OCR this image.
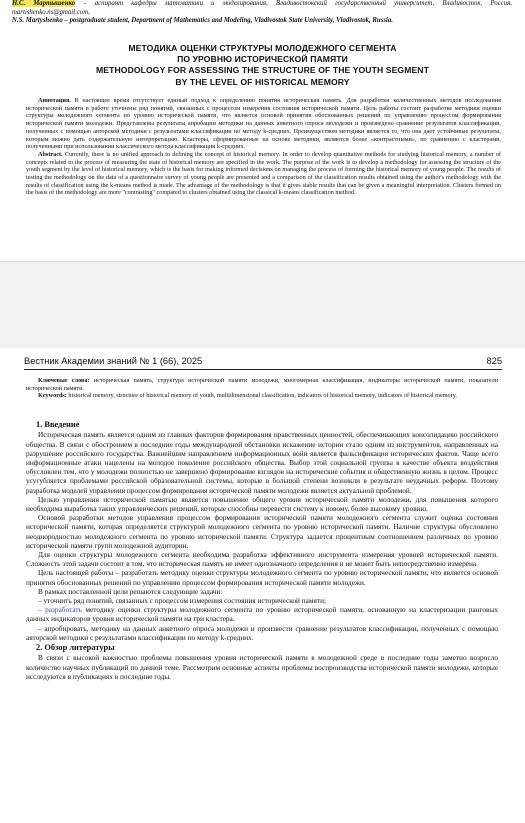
Н.С. Мартышенко – аспирант кафедры математики и моделирования, Владивостокский государственный университет, Владивосток, Россия, martishenko.ns@gmail.com,
N.S. Martyshenko – postgraduate student, Department of Mathematics and Modeling, Vladivostok State University, Vladivostok, Russia.
МЕТОДИКА ОЦЕНКИ СТРУКТУРЫ МОЛОДЕЖНОГО СЕГМЕНТА
ПО УРОВНЮ ИСТОРИЧЕСКОЙ ПАМЯТИ
METHODOLOGY FOR ASSESSING THE STRUCTURE OF THE YOUTH SEGMENT
BY THE LEVEL OF HISTORICAL MEMORY

Аннотация. В настоящее время отсутствует единый подход к определению понятия историческая память. Для разработки количественных методов исследования исторической памяти в работе уточнены ряд понятий, связанных с процессом измерения состояния исторической памяти. Цель работы состоит разработке методики оценки структуры молодежного сегмента по уровню исторической памяти, что является основой принятия обоснованных решений по управлению процессом формирования исторической памяти молодежи. Представлены результаты апробации методики на данных анкетного опроса молодежи и произведено сравнение результатов классификации, полученных с помощью авторской методики с результатами классификации по методу k-средних. Преимуществом методики является то, что она дает устойчивые результаты, которым можно дать содержательную интерпретацию. Кластеры, сформированные на основе методики, являются более «контрастными», по сравнению с кластерами, полученными при использовании классического метода классификации k-средних.

Abstract. Currently, there is no unified approach to defining the concept of historical memory. In order to develop quantitative methods for studying historical memory, a number of concepts related to the process of measuring the state of historical memory are specified in the work. The purpose of the work is to develop a methodology for assessing the structure of the youth segment by the level of historical memory, which is the basis for making informed decisions on managing the process of forming the historical memory of young people. The results of testing the methodology on the data of a questionnaire survey of young people are presented and a comparison of the classification results obtained using the author's methodology with the results of classification using the k-means method is made. The advantage of the methodology is that it gives stable results that can be given a meaningful interpretation. Clusters formed on the basis of the methodology are more "contrasting" compared to clusters obtained using the classical k-means classification method.

Вестник Академии знаний № 1 (66), 2025	825

Ключевые слова: историческая память, структура исторической памяти молодежи, многомерная классификация, индикаторы исторической памяти, показатели исторической памяти.

Keywords: historical memory, structure of historical memory of youth, multidimensional classification, indicators of historical memory, indicators of historical memory.

1. Введение

Историческая память является одним из главных факторов формирования нравственных ценностей, обеспечивающих консолидацию российского общества. В связи с обострением в последние годы международной обстановки искажение истории стало одним из инструментов, направленных на разрушение российского государства. Важнейшим направлением информационных войн является фальсификация исторических фактов. Чаще всего информационные атаки нацелены на молодое поколение российского общества. Выбор этой социальной группы в качестве объекта воздействия обусловлен тем, что у молодежи полностью не завершено формирование взглядов на исторические события и общественную жизнь в целом. Процесс усугубляется проблемами российской образовательной системы, которые в большой степени возникли в результате неудачных реформ. Поэтому разработка моделей управления процессом формирования исторической памяти молодежи является актуальной проблемой.

Целью управления исторической памятью является повышение общего уровня исторической памяти молодежи, для повышения которого необходима выработка таких управленческих решений, которые способны перевести систему к новому, более высокому уровню.

Основой разработки методов управления процессом формирования исторической памяти молодежного сегмента служит оценка состояния исторической памяти, которая определяется структурой молодежного сегмента по уровню исторической памяти. Наличие структуры обусловлено неоднородностью молодежного сегмента по уровню исторической памяти. Структура задается процентным соотношением различных по уровню исторической памяти групп молодежной аудитории.

Для оценки структуры молодежного сегмента необходима разработка эффективного инструмента измерения уровней исторической памяти. Сложность этой задачи состоит в том, что историческая память не имеет однозначного определения и не может быть непосредственно измерена.

Цель настоящей работы – разработать методику оценки структуры молодежного сегмента по уровню исторической памяти, что является основой принятия обоснованных решений по управлению процессом формирования исторической памяти молодежи.

В рамках поставленной цели решаются следующие задачи:

– уточнить ряд понятий, связанных с процессом измерения состояния исторической памяти;

– разработать методику оценки структуры молодежного сегмента по уровню исторической памяти, основанную на кластеризации ранговых данных индикаторов уровня исторической памяти на три кластера.

– апробировать, методику на данных анкетного опроса молодежи и произвести сравнение результатов классификации, полученных с помощью авторской методики с результатами классификации по методу k-средних.

2. Обзор литературы

В связи с высокой важностью проблемы повышения уровня исторической памяти в молодежной среде в последние годы заметно возросло количество научных публикаций по данной теме. Рассмотрим основные аспекты проблемы воспроизводства исторической памяти молодежи, которые исследуются в публикациях в последние годы.
